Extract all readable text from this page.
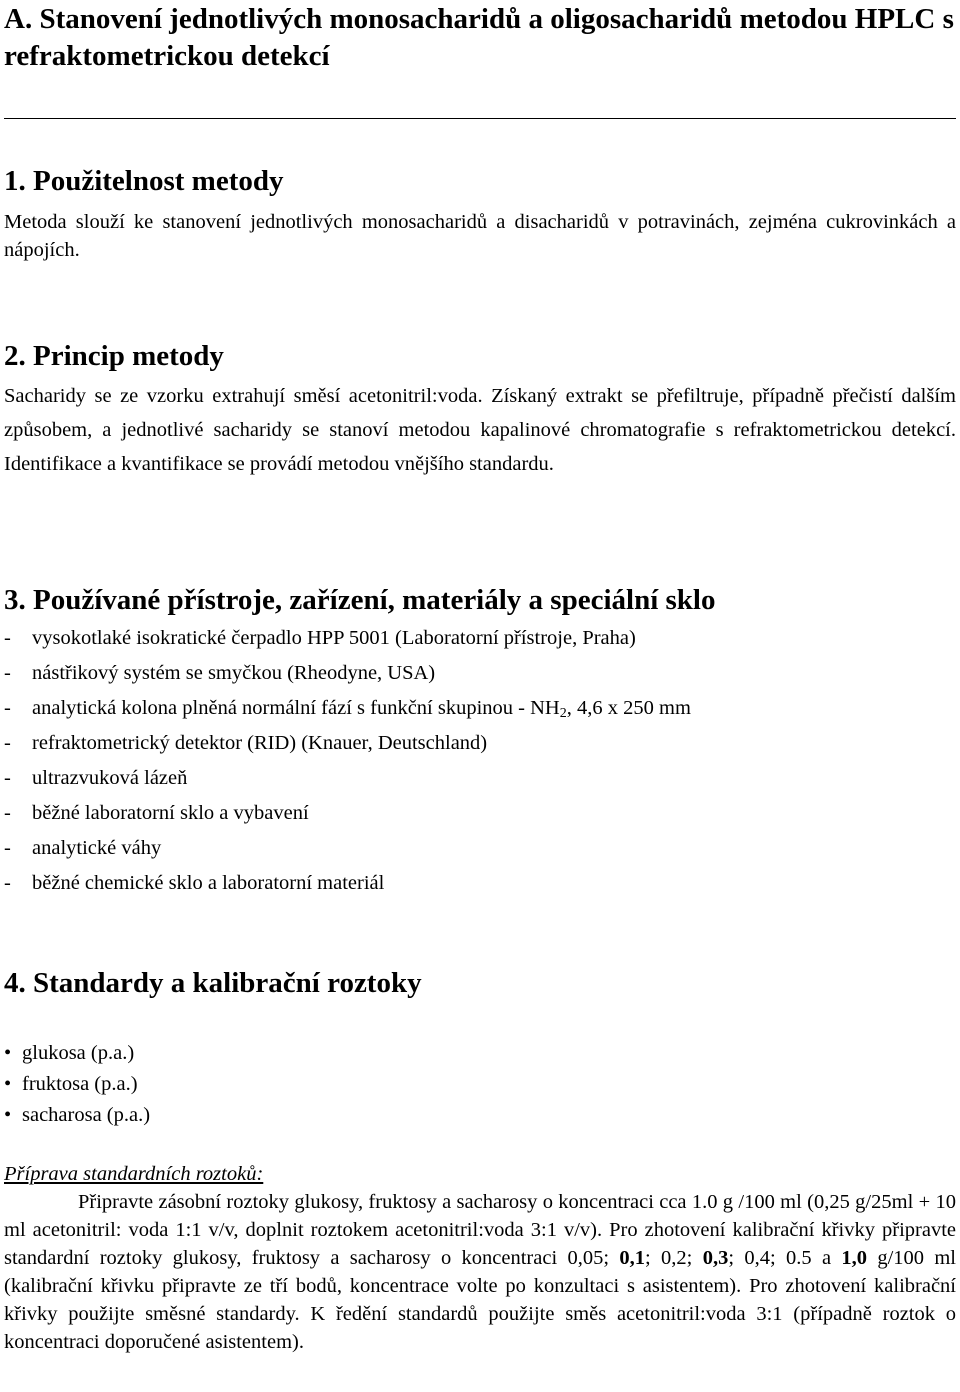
A. Stanovení jednotlivých monosacharidů a oligosacharidů metodou HPLC s refraktometrickou detekcí
1. Použitelnost metody

Metoda slouží ke stanovení jednotlivých monosacharidů a disacharidů v potravinách, zejména cukrovinkách a nápojích.

2. Princip metody

Sacharidy se ze vzorku extrahují směsí acetonitril:voda. Získaný extrakt se přefiltruje, případně přečistí dalším způsobem, a jednotlivé sacharidy se stanoví metodou kapalinové chromatografie s refraktometrickou detekcí. Identifikace a kvantifikace se provádí metodou vnějšího standardu.

3. Používané přístroje, zařízení, materiály a speciální sklo
- vysokotlaké isokratické čerpadlo HPP 5001 (Laboratorní přístroje, Praha)
- nástřikový systém se smyčkou (Rheodyne, USA)
- analytická kolona plněná normální fází s funkční skupinou - $NH_2$, 4,6 x 250 mm
- refraktometrický detektor (RID) (Knauer, Deutschland)
- ultrazvuková lázeň
- běžné laboratorní sklo a vybavení
- analytické váhy
- běžné chemické sklo a laboratorní materiál
4. Standardy a kalibrační roztoky
• glukosa (p.a.)
• fruktosa (p.a.)
• sacharosa (p.a.)

Příprava standardních roztoků:

Připravte zásobní roztoky glukosy, fruktosy a sacharosy o koncentraci cca 1.0 g /100 ml (0,25 g/25ml + 10 ml acetonitril: voda 1:1 v/v, doplnit roztokem acetonitril:voda 3:1 v/v). Pro zhotovení kalibrační křivky připravte standardní roztoky glukosy, fruktosy a sacharosy o koncentraci 0,05; 0,1; 0,2; 0,3; 0,4; 0.5 a 1,0 g/100 ml (kalibrační křivku připravte ze tří bodů, koncentrace volte po konzultaci s asistentem). Pro zhotovení kalibrační křivky použijte směsné standardy. K ředění standardů použijte směs acetonitril:voda 3:1 (případně roztok o koncentraci doporučené asistentem).
